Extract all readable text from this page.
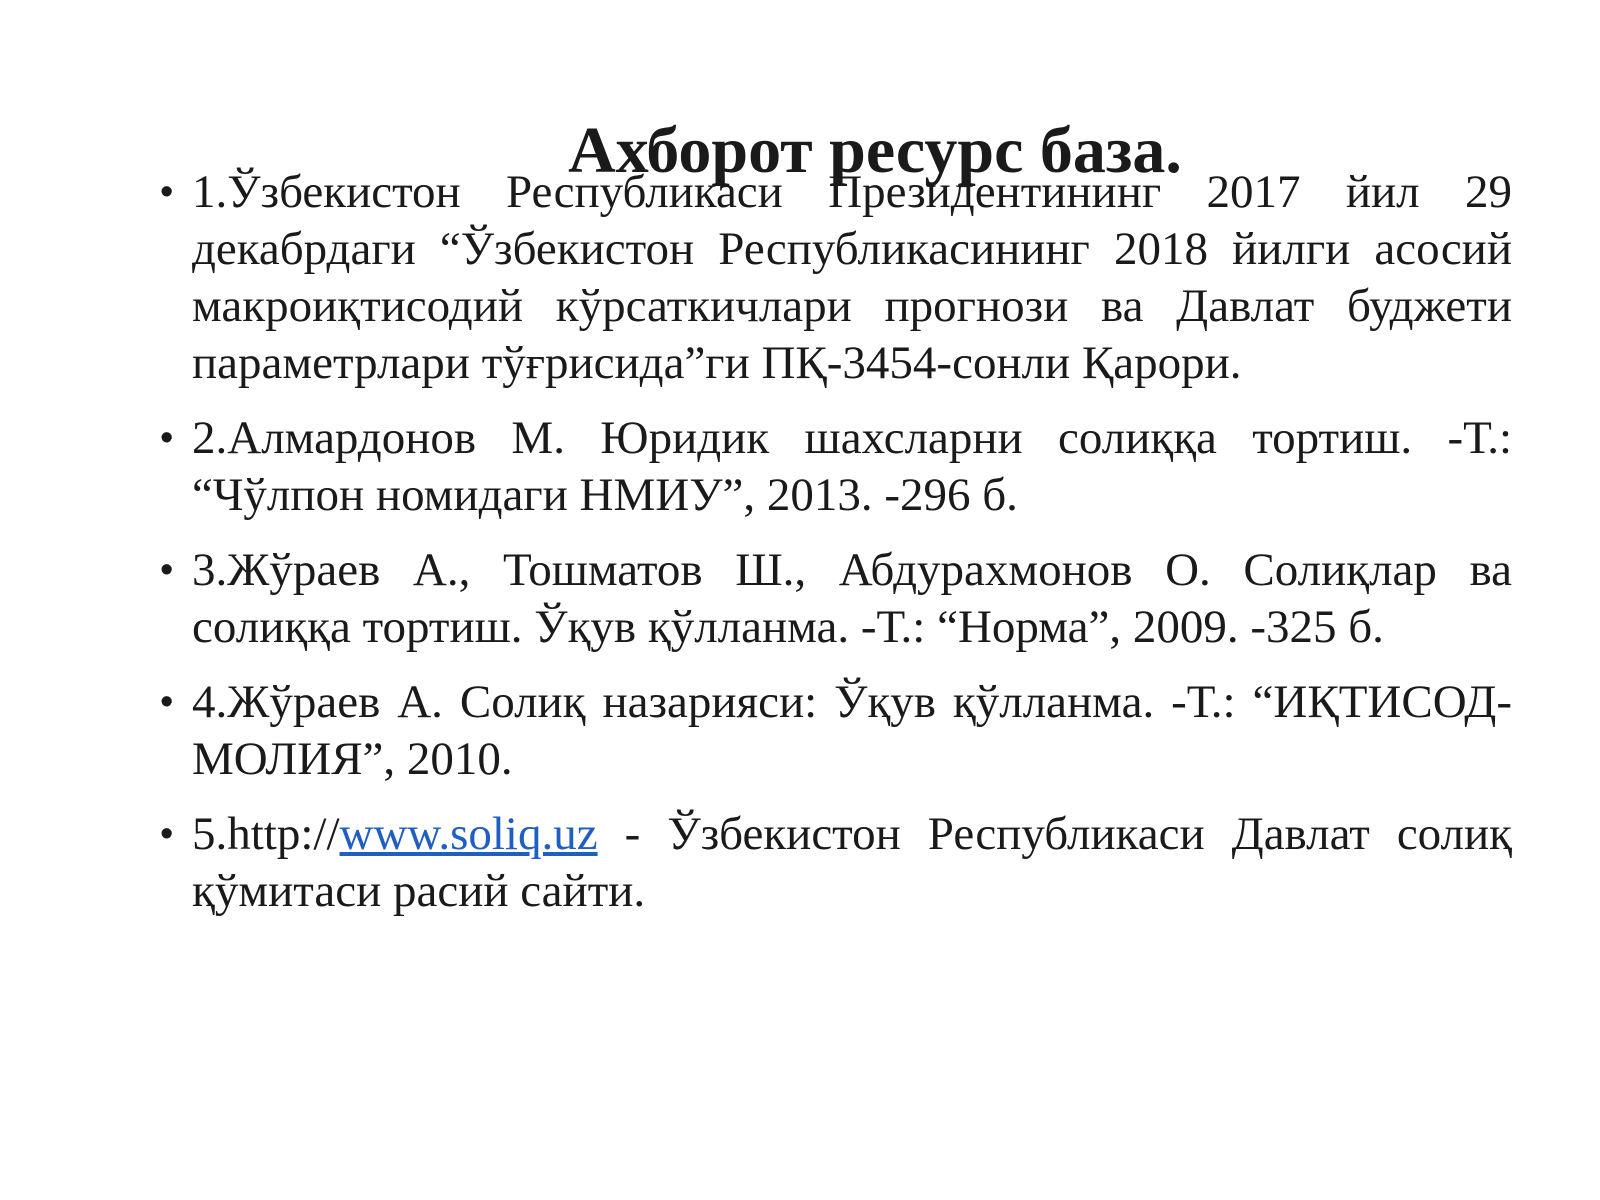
Ахборот ресурс база.
• 1.Ўзбекистон Республикаси Президентининг 2017 йил 29 декабрдаги “Ўзбекистон Республикасининг 2018 йилги асосий макроиқтисодий кўрсаткичлари прогнози ва Давлат буджети параметрлари тўғрисида”ги ПҚ-3454-сонли Қарори.
• 2.Алмардонов М. Юридик шахсларни солиққа тортиш. -Т.: “Чўлпон номидаги НМИУ”, 2013. -296 б.
• 3.Жўраев А., Тошматов Ш., Абдурахмонов О. Солиқлар ва солиққа тортиш. Ўқув қўлланма. -Т.: “Норма”, 2009. -325 б.
• 4.Жўраев А. Солиқ назарияси: Ўқув қўлланма. -Т.: “ИҚТИСОД- МОЛИЯ”, 2010.
• 5.http://www.soliq.uz - Ўзбекистон Республикаси Давлат солиқ қўмитаси расий сайти.
